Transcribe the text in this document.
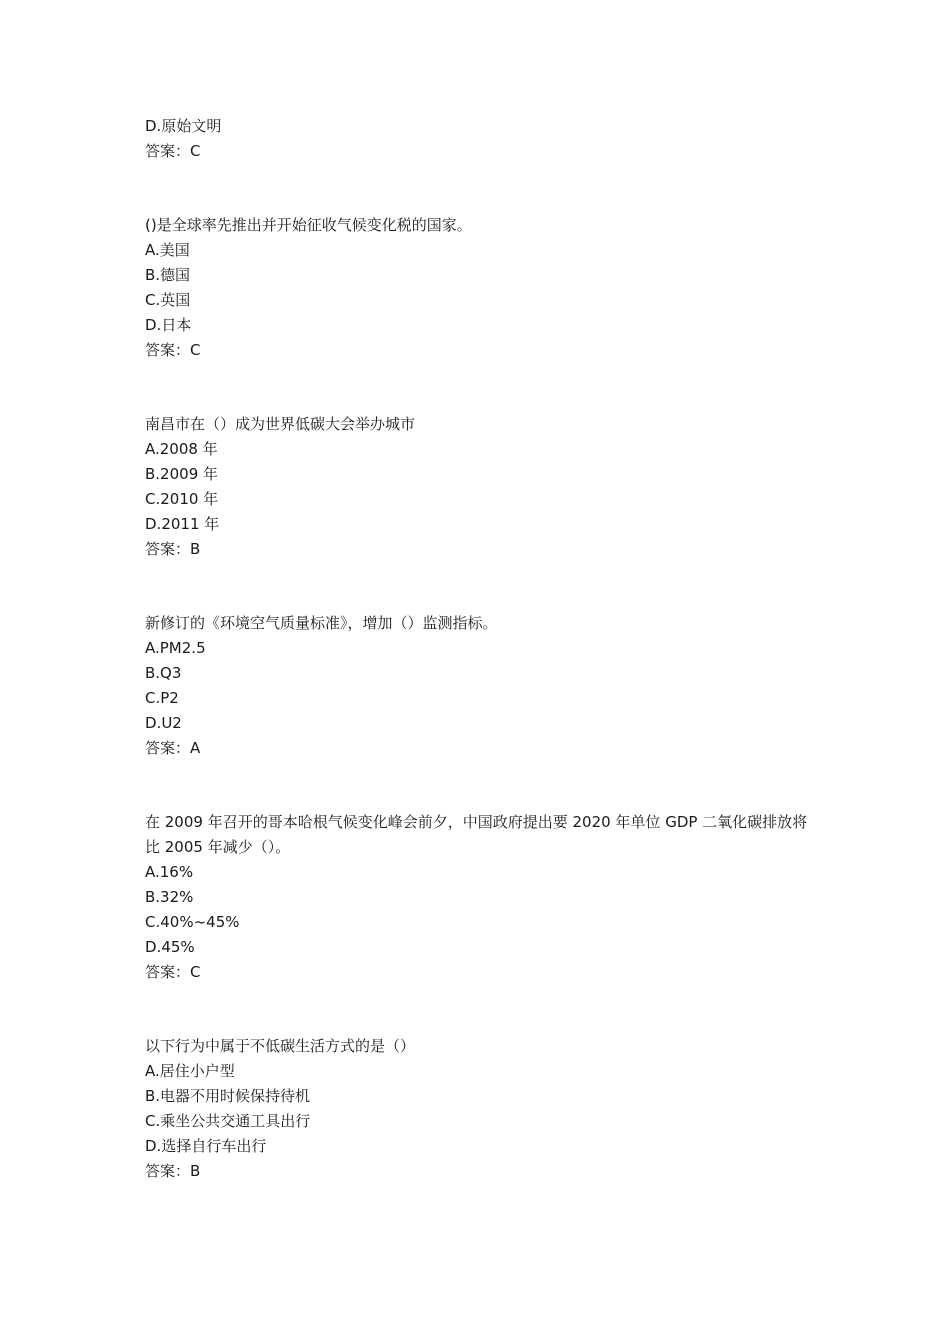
D.原始文明
答案：C
()是全球率先推出并开始征收气候变化税的国家。
A.美国
B.德国
C.英国
D.日本
答案：C
南昌市在（）成为世界低碳大会举办城市
A.2008 年
B.2009 年
C.2010 年
D.2011 年
答案：B
新修订的《环境空气质量标准》，增加（）监测指标。
A.PM2.5
B.Q3
C.P2
D.U2
答案：A
在 2009 年召开的哥本哈根气候变化峰会前夕，中国政府提出要 2020 年单位 GDP 二氧化碳排放将比 2005 年减少（）。
A.16%
B.32%
C.40%~45%
D.45%
答案：C
以下行为中属于不低碳生活方式的是（）
A.居住小户型
B.电器不用时候保持待机
C.乘坐公共交通工具出行
D.选择自行车出行
答案：B
